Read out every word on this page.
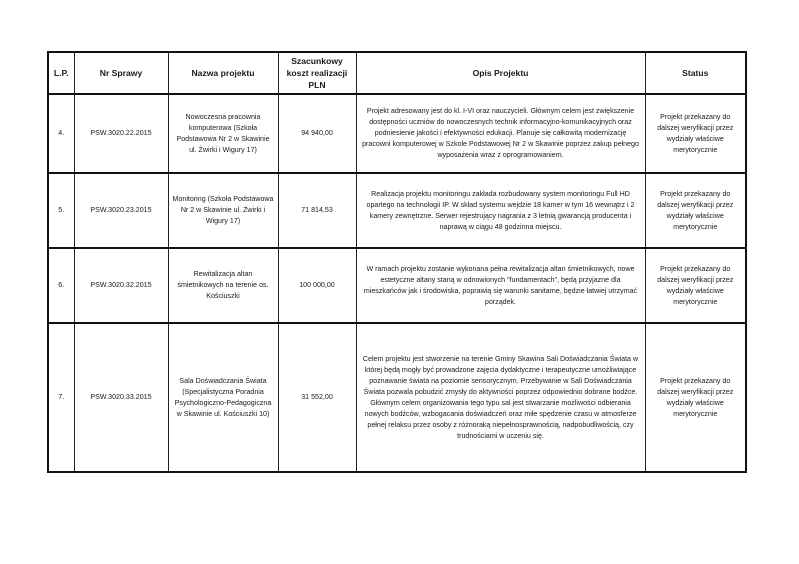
L.P.	Nr Sprawy	Nazwa projektu	Szacunkowy koszt realizacji PLN	Opis Projektu	Status
4.	PSW.3020.22.2015	Nowoczesna pracownia komputerowa (Szkoła Podstawowa Nr 2 w Skawinie ul. Żwirki i Wigury 17)	94 940,00	Projekt adresowany jest do kl. I-VI oraz nauczycieli. Głównym celem jest zwiększenie dostępności uczniów do nowoczesnych technik informacyjno-komunikacyjnych oraz podniesienie jakości i efektywności edukacji. Planuje się całkowitą modernizację pracowni komputerowej w Szkole Podstawowej Nr 2 w Skawinie poprzez zakup pełnego wyposażenia wraz z oprogramowaniem.	Projekt przekazany do dalszej weryfikacji przez wydziały właściwe merytorycznie
5.	PSW.3020.23.2015	Monitoring (Szkoła Podstawowa Nr 2 w Skawinie ul. Żwirki i Wigury 17)	71 814,53	Realizacja projektu monitoringu zakłada rozbudowany system monitoringu Full HD opartego na technologii IP. W skład systemu wejdzie 18 kamer w tym 16 wewnątrz i 2 kamery zewnętrzne. Serwer rejestrujący nagrania z 3 letnią gwarancją producenta i naprawą w ciągu 48 godzinna miejscu.	Projekt przekazany do dalszej weryfikacji przez wydziały właściwe merytorycznie
6.	PSW.3020.32.2015	Rewitalizacja altan śmietnikowych na terenie os. Kościuszki	100 000,00	W ramach projektu zostanie wykonana pełna rewitalizacja altan śmietnikowych, nowe estetyczne altany staną w odnowionych "fundamentach", będą przyjazne dla mieszkańców jak i środowiska, poprawią się warunki sanitarne, będzie łatwiej utrzymać porządek.	Projekt przekazany do dalszej weryfikacji przez wydziały właściwe merytorycznie
7.	PSW.3020.33.2015	Sala Doświadczania Świata (Specjalistyczna Poradnia Psychologiczno-Pedagogiczna w Skawinie ul. Kościuszki 10)	31 552,00	Celem projektu jest stworzenie na terenie Gminy Skawina Sali Doświadczania Świata w której będą mogły być prowadzone zajęcia dydaktyczne i terapeutyczne umożliwiające poznawanie świata na poziomie sensorycznym. Przebywanie w Sali Doświadczania Świata pozwala pobudzić zmysły do aktywności poprzez odpowiednio dobrane bodźce. Głównym celem organizowania tego typu sal jest stwarzanie możliwości odbierania nowych bodźców, wzbogacania doświadczeń oraz miłe spędzenie czasu w atmosferze pełnej relaksu przez osoby z różnoraką niepełnosprawnością, nadpobudliwością, czy trudnościami w uczeniu się.	Projekt przekazany do dalszej weryfikacji przez wydziały właściwe merytorycznie
